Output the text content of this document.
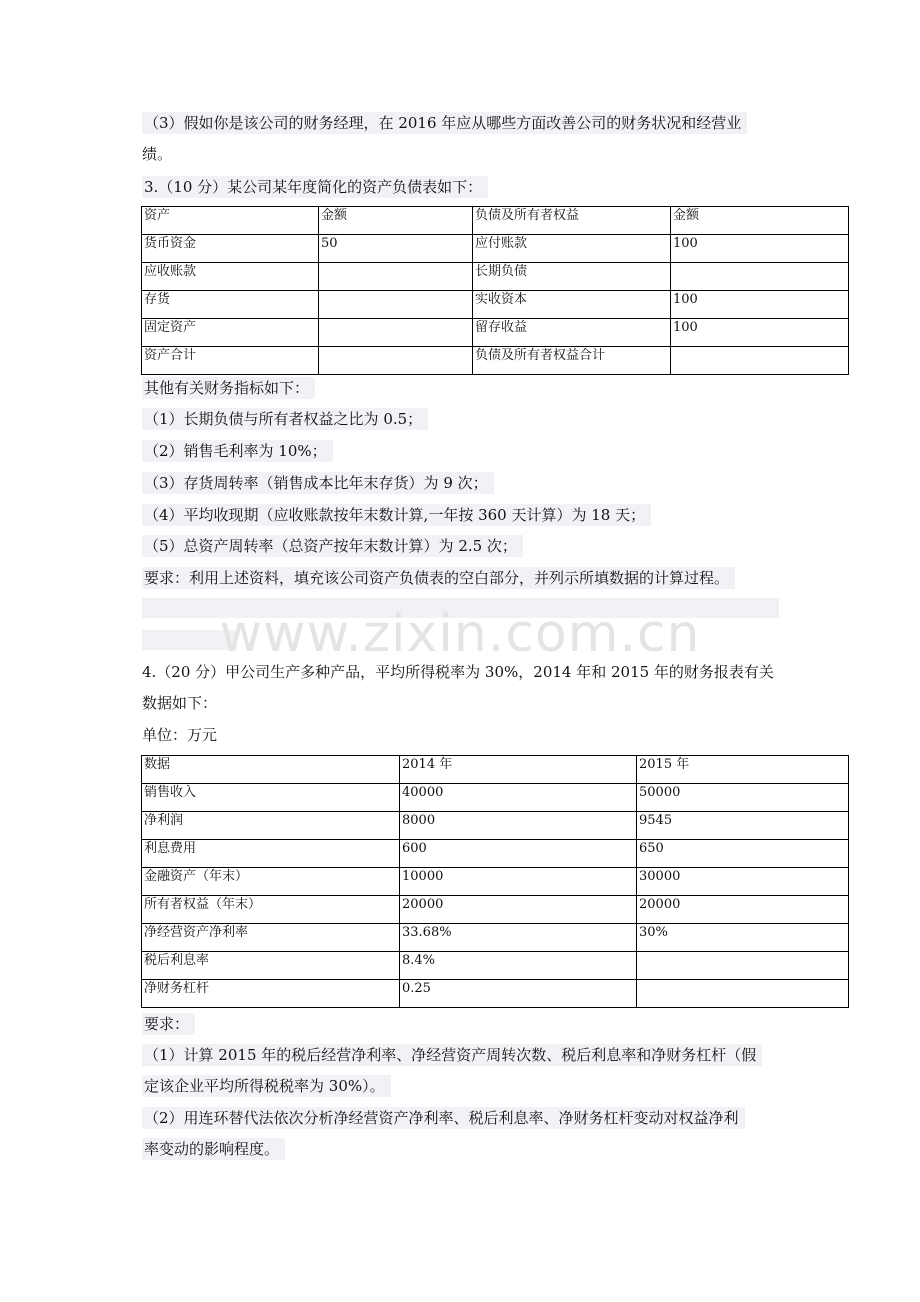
（3）假如你是该公司的财务经理，在 2016 年应从哪些方面改善公司的财务状况和经营业
绩。
3.（10 分）某公司某年度简化的资产负债表如下：
资产	金额	负债及所有者权益	金额
货币资金	50	应付账款	100
应收账款		长期负债	
存货		实收资本	100
固定资产		留存收益	100
资产合计		负债及所有者权益合计	
其他有关财务指标如下：
（1）长期负债与所有者权益之比为 0.5；
（2）销售毛利率为 10%；
（3）存货周转率（销售成本比年末存货）为 9 次；
（4）平均收现期（应收账款按年末数计算,一年按 360 天计算）为 18 天；
（5）总资产周转率（总资产按年末数计算）为 2.5 次；
要求：利用上述资料，填充该公司资产负债表的空白部分，并列示所填数据的计算过程。
www.zixin.com.cn
4.（20 分）甲公司生产多种产品，平均所得税率为 30%，2014 年和 2015 年的财务报表有关
数据如下：
单位：万元
数据	2014 年	2015 年
销售收入	40000	50000
净利润	8000	9545
利息费用	600	650
金融资产（年末）	10000	30000
所有者权益（年末）	20000	20000
净经营资产净利率	33.68%	30%
税后利息率	8.4%	
净财务杠杆	0.25	
要求：
（1）计算 2015 年的税后经营净利率、净经营资产周转次数、税后利息率和净财务杠杆（假
定该企业平均所得税税率为 30%）。
（2）用连环替代法依次分析净经营资产净利率、税后利息率、净财务杠杆变动对权益净利
率变动的影响程度。
